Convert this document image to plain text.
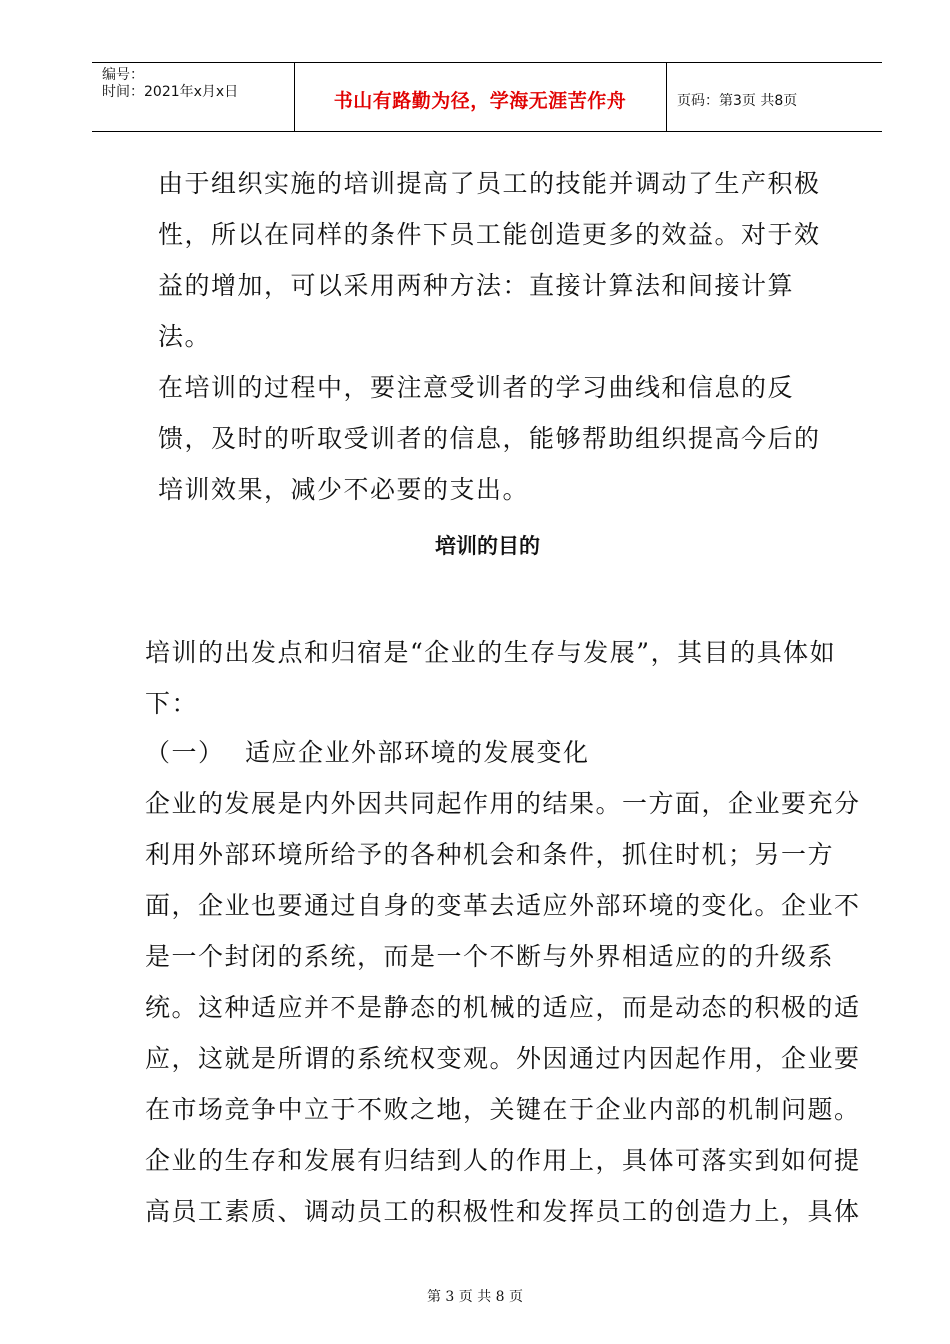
编号：
时间：2021年x月x日	书山有路勤为径，学海无涯苦作舟	页码：第3页 共8页
由于组织实施的培训提高了员工的技能并调动了生产积极
性，所以在同样的条件下员工能创造更多的效益。对于效
益的增加，可以采用两种方法：直接计算法和间接计算
法。
在培训的过程中，要注意受训者的学习曲线和信息的反
馈，及时的听取受训者的信息，能够帮助组织提高今后的
培训效果，减少不必要的支出。
培训的目的
培训的出发点和归宿是“企业的生存与发展”，其目的具体如
下：
（一） 适应企业外部环境的发展变化
企业的发展是内外因共同起作用的结果。一方面，企业要充分
利用外部环境所给予的各种机会和条件，抓住时机；另一方
面，企业也要通过自身的变革去适应外部环境的变化。企业不
是一个封闭的系统，而是一个不断与外界相适应的的升级系
统。这种适应并不是静态的机械的适应，而是动态的积极的适
应，这就是所谓的系统权变观。外因通过内因起作用，企业要
在市场竞争中立于不败之地，关键在于企业内部的机制问题。
企业的生存和发展有归结到人的作用上，具体可落实到如何提
高员工素质、调动员工的积极性和发挥员工的创造力上，具体
第 3 页 共 8 页
